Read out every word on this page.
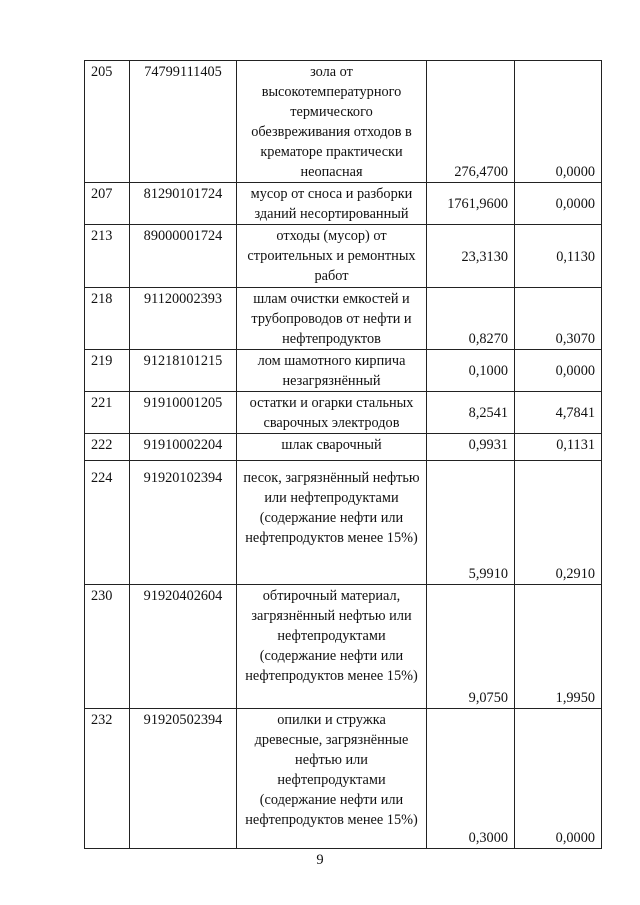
205	74799111405	зола от высокотемпературного термического обезвреживания отходов в крематоре практически неопасная	276,4700	0,0000
207	81290101724	мусор от сноса и разборки зданий несортированный	1761,9600	0,0000
213	89000001724	отходы (мусор) от строительных и ремонтных работ	23,3130	0,1130
218	91120002393	шлам очистки емкостей и трубопроводов от нефти и нефтепродуктов	0,8270	0,3070
219	91218101215	лом шамотного кирпича незагрязнённый	0,1000	0,0000
221	91910001205	остатки и огарки стальных сварочных электродов	8,2541	4,7841
222	91910002204	шлак сварочный	0,9931	0,1131
224	91920102394	песок, загрязнённый нефтью или нефтепродуктами (содержание нефти или нефтепродуктов менее 15%)	5,9910	0,2910
230	91920402604	обтирочный материал, загрязнённый нефтью или нефтепродуктами (содержание нефти или нефтепродуктов менее 15%)	9,0750	1,9950
232	91920502394	опилки и стружка древесные, загрязнённые нефтью или нефтепродуктами (содержание нефти или нефтепродуктов менее 15%)	0,3000	0,0000
9
